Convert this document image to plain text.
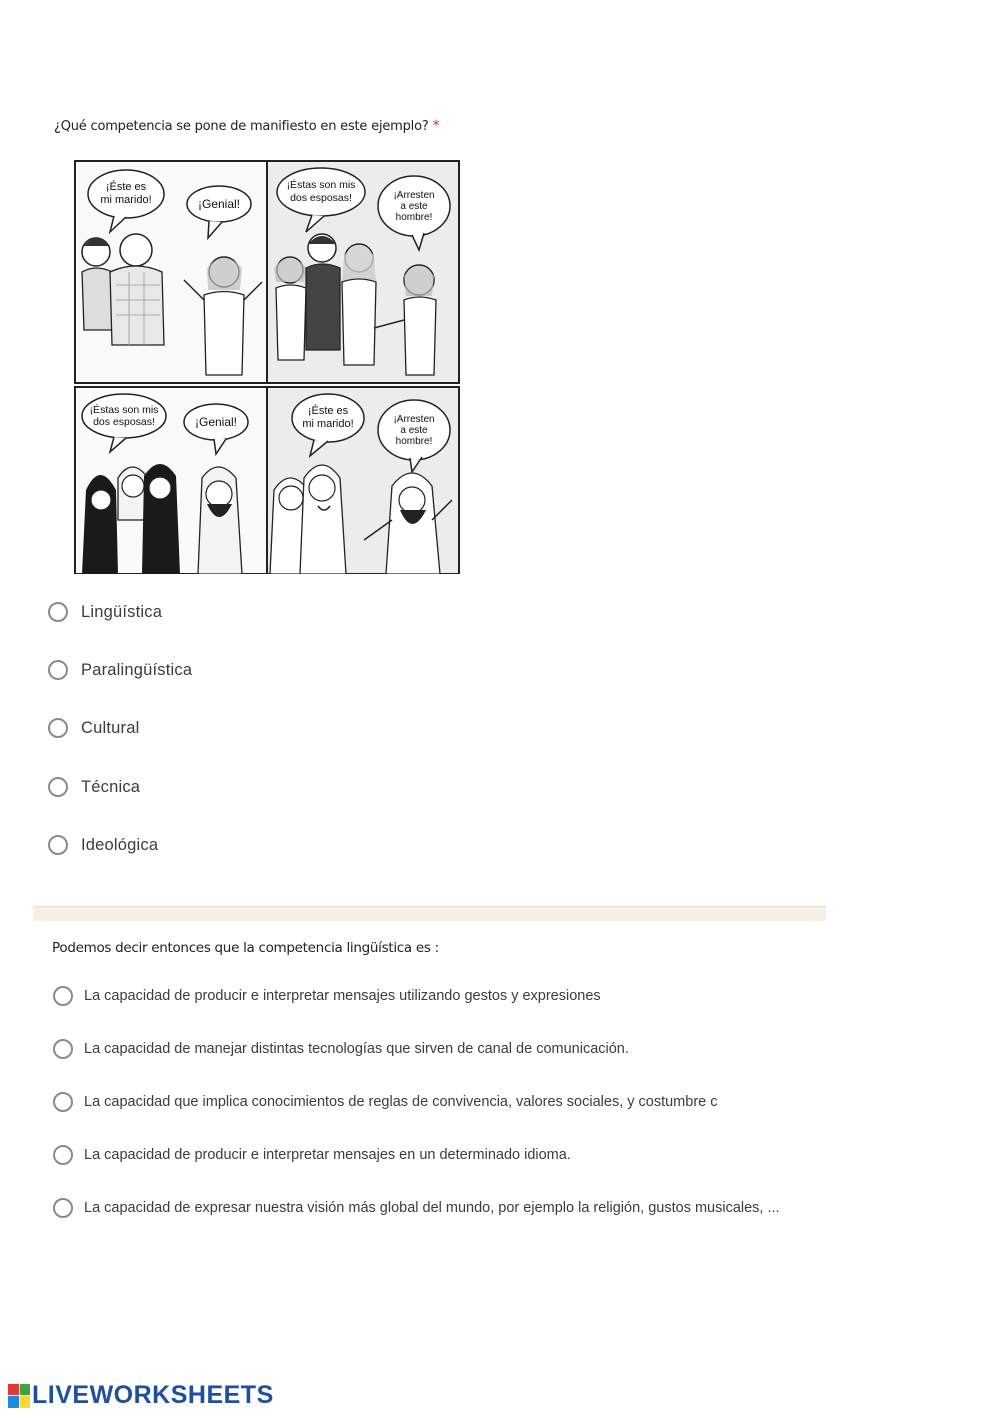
¿Qué competencia se pone de manifiesto en este ejemplo? *
¡Éste es
mi marido!	¡Genial!
¡Éstas son mis
dos esposas!	¡Arresten
a este
hombre!
¡Éstas son mis
dos esposas!	¡Genial!
¡Éste es
mi marido!	¡Arresten
a este
hombre!
Lingüística
Paralingüística
Cultural
Técnica
Ideológica
Podemos decir entonces que la competencia lingüística es :
La capacidad de producir e interpretar mensajes utilizando gestos y expresiones
La capacidad de manejar distintas tecnologías que sirven de canal de comunicación.
La capacidad que implica conocimientos de reglas de convivencia, valores sociales, y costumbre c
La capacidad de producir e interpretar mensajes en un determinado idioma.
La capacidad de expresar nuestra visión más global del mundo, por ejemplo la religión, gustos musicales, ...
LIVEWORKSHEETS
